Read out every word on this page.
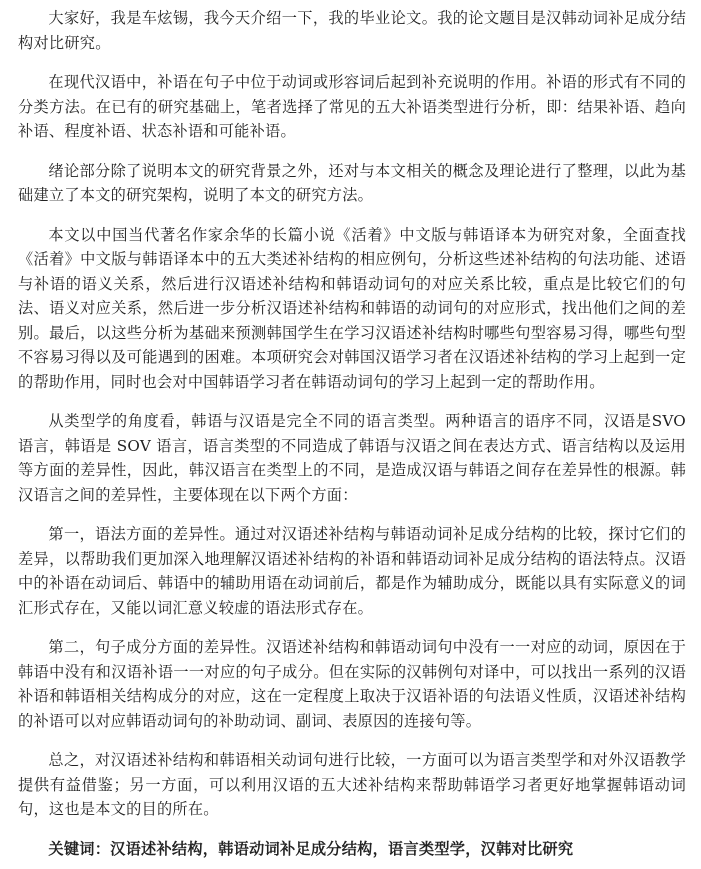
大家好，我是车炫锡，我今天介绍一下，我的毕业论文。我的论文题目是汉韩动词补足成分结构对比研究。

在现代汉语中，补语在句子中位于动词或形容词后起到补充说明的作用。补语的形式有不同的分类方法。在已有的研究基础上，笔者选择了常见的五大补语类型进行分析，即：结果补语、趋向补语、程度补语、状态补语和可能补语。

绪论部分除了说明本文的研究背景之外，还对与本文相关的概念及理论进行了整理，以此为基础建立了本文的研究架构，说明了本文的研究方法。

本文以中国当代著名作家余华的长篇小说《活着》中文版与韩语译本为研究对象，全面查找《活着》中文版与韩语译本中的五大类述补结构的相应例句，分析这些述补结构的句法功能、述语与补语的语义关系，然后进行汉语述补结构和韩语动词句的对应关系比较，重点是比较它们的句法、语义对应关系，然后进一步分析汉语述补结构和韩语的动词句的对应形式，找出他们之间的差别。最后，以这些分析为基础来预测韩国学生在学习汉语述补结构时哪些句型容易习得，哪些句型不容易习得以及可能遇到的困难。本项研究会对韩国汉语学习者在汉语述补结构的学习上起到一定的帮助作用，同时也会对中国韩语学习者在韩语动词句的学习上起到一定的帮助作用。

从类型学的角度看，韩语与汉语是完全不同的语言类型。两种语言的语序不同，汉语是SVO 语言，韩语是 SOV 语言，语言类型的不同造成了韩语与汉语之间在表达方式、语言结构以及运用等方面的差异性，因此，韩汉语言在类型上的不同，是造成汉语与韩语之间存在差异性的根源。韩汉语言之间的差异性，主要体现在以下两个方面：

第一，语法方面的差异性。通过对汉语述补结构与韩语动词补足成分结构的比较，探讨它们的差异，以帮助我们更加深入地理解汉语述补结构的补语和韩语动词补足成分结构的语法特点。汉语中的补语在动词后、韩语中的辅助用语在动词前后，都是作为辅助成分，既能以具有实际意义的词汇形式存在，又能以词汇意义较虚的语法形式存在。

第二，句子成分方面的差异性。汉语述补结构和韩语动词句中没有一一对应的动词，原因在于韩语中没有和汉语补语一一对应的句子成分。但在实际的汉韩例句对译中，可以找出一系列的汉语补语和韩语相关结构成分的对应，这在一定程度上取决于汉语补语的句法语义性质，汉语述补结构的补语可以对应韩语动词句的补助动词、副词、表原因的连接句等。

总之，对汉语述补结构和韩语相关动词句进行比较，一方面可以为语言类型学和对外汉语教学提供有益借鉴；另一方面，可以利用汉语的五大述补结构来帮助韩语学习者更好地掌握韩语动词句，这也是本文的目的所在。

关键词：汉语述补结构，韩语动词补足成分结构，语言类型学，汉韩对比研究
